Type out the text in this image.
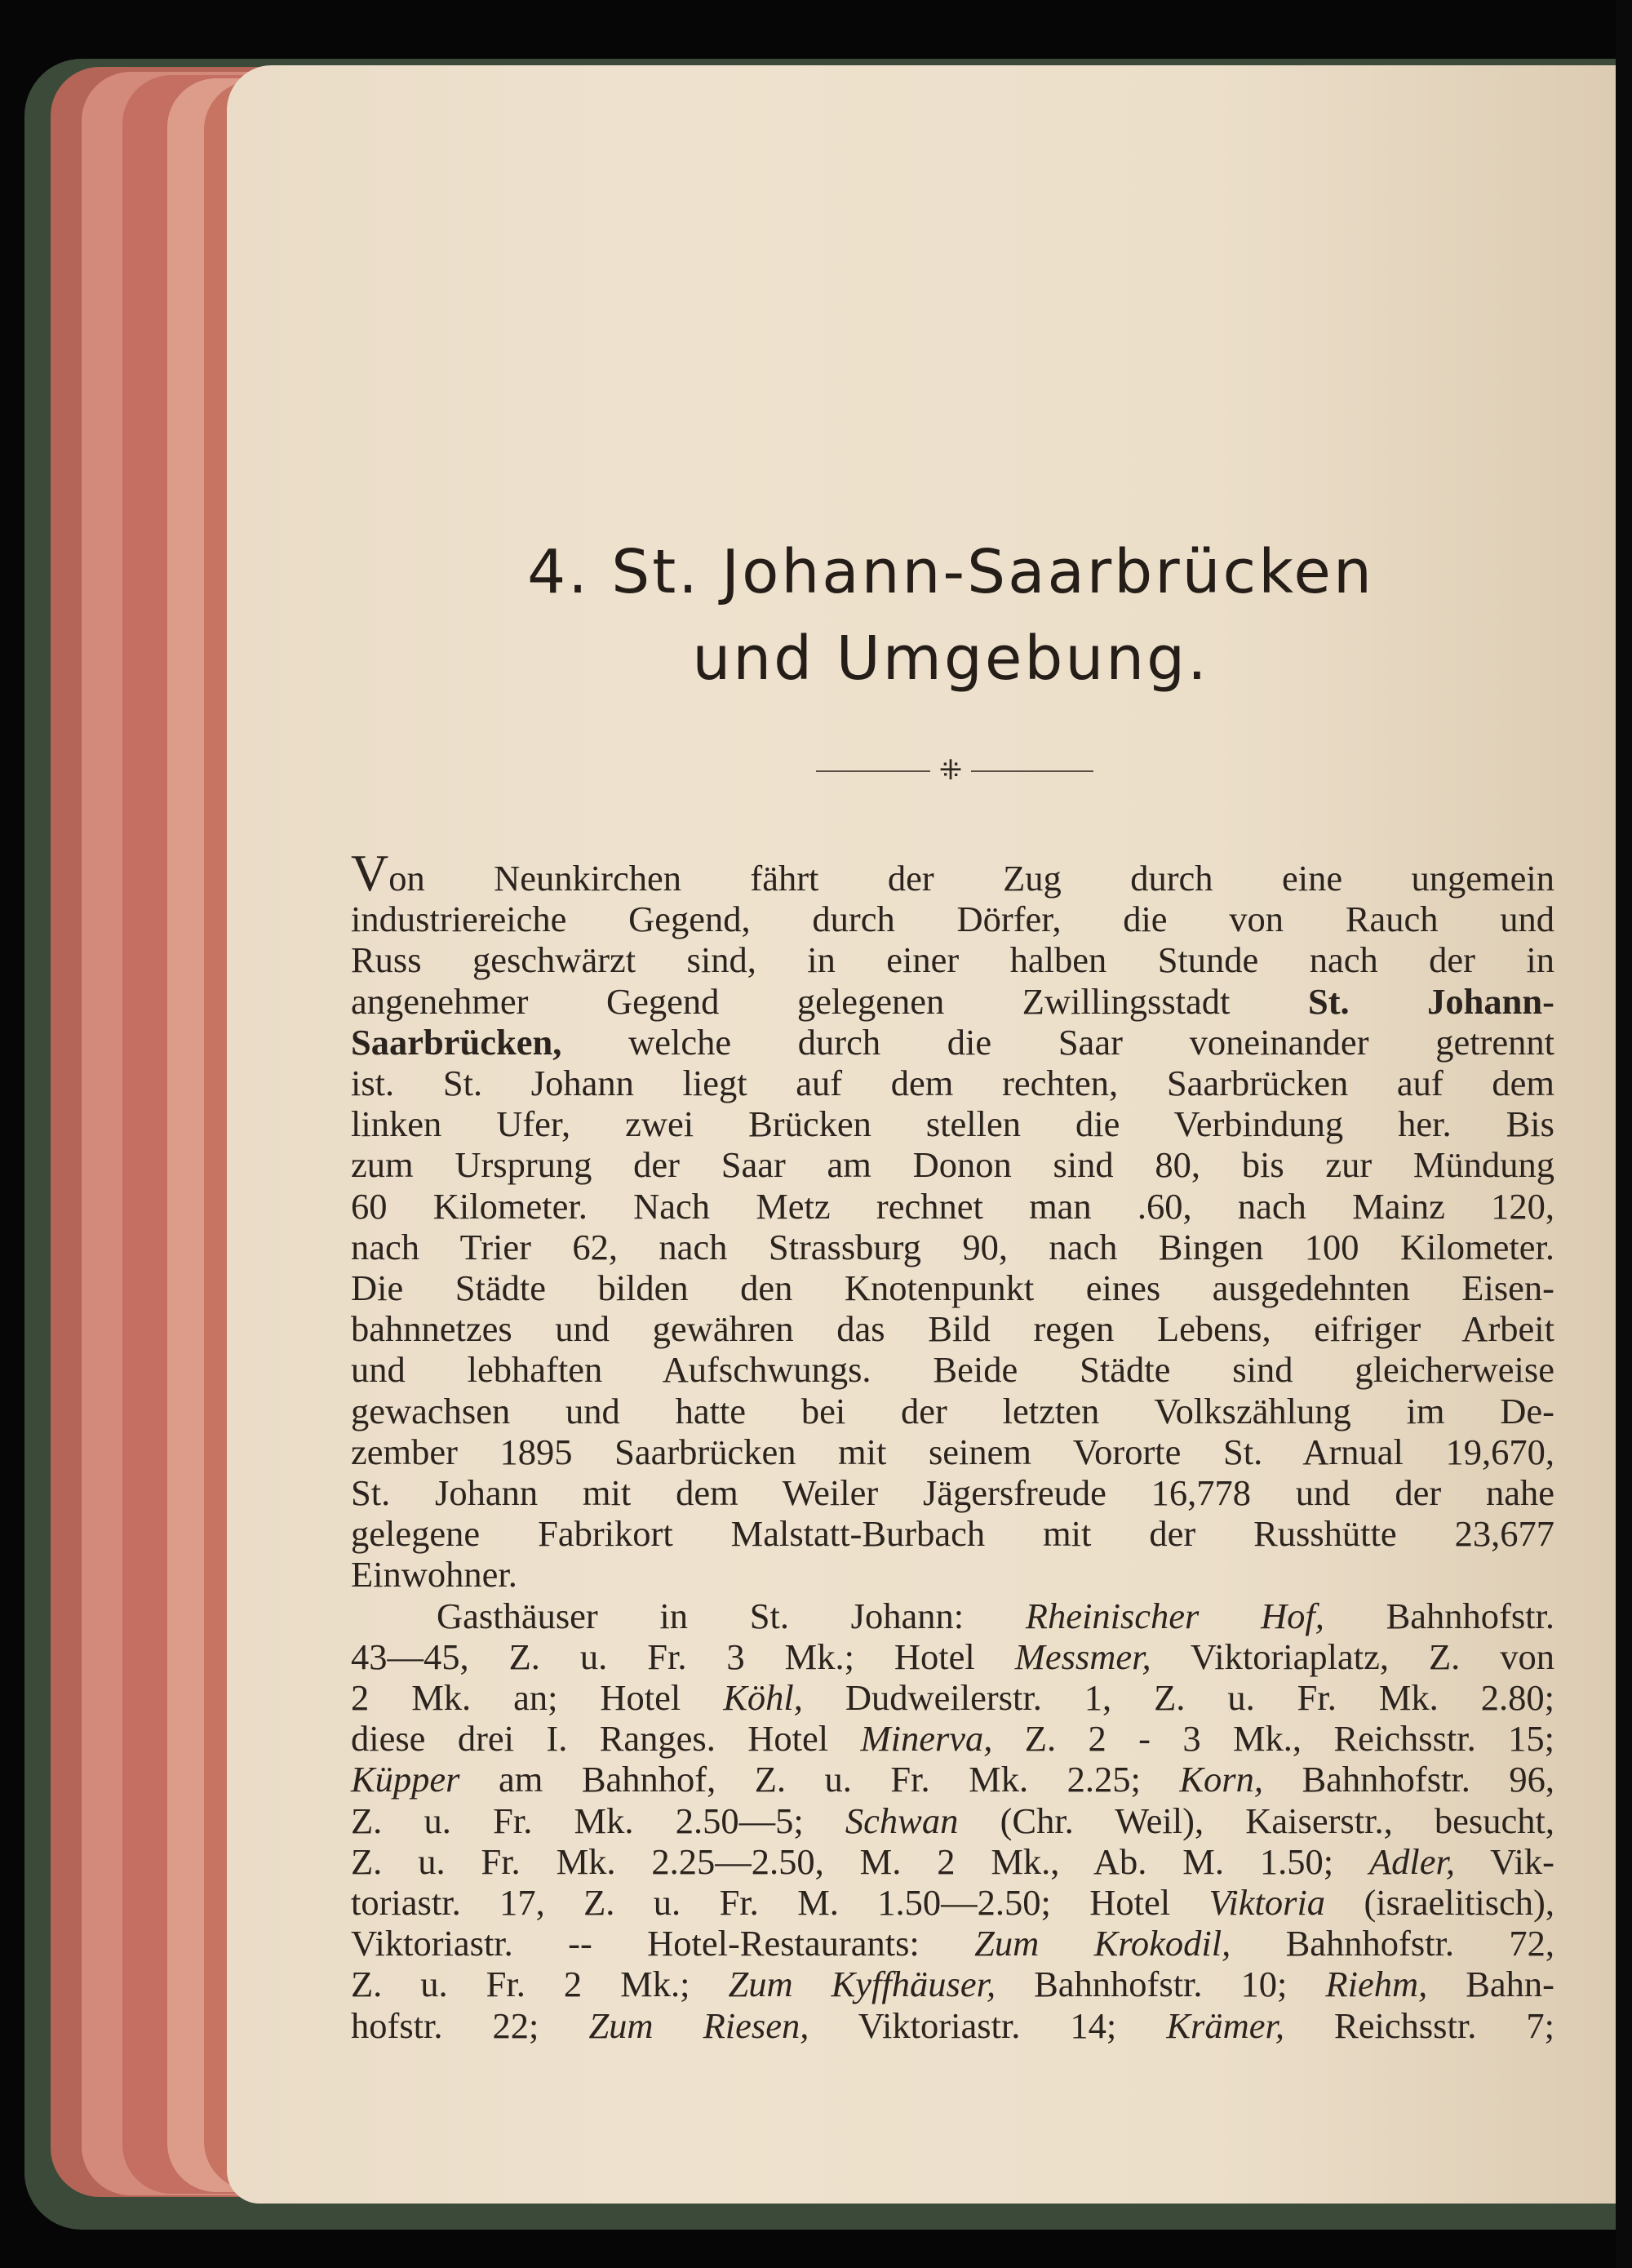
4. St. Johann-Saarbrücken
und Umgebung.
⁜
Von Neunkirchen fährt der Zug durch eine ungemein
industriereiche Gegend, durch Dörfer, die von Rauch und
Russ geschwärzt sind, in einer halben Stunde nach der in
angenehmer Gegend gelegenen Zwillingsstadt St. Johann-
Saarbrücken, welche durch die Saar voneinander getrennt
ist. St. Johann liegt auf dem rechten, Saarbrücken auf dem
linken Ufer, zwei Brücken stellen die Verbindung her. Bis
zum Ursprung der Saar am Donon sind 80, bis zur Mündung
60 Kilometer. Nach Metz rechnet man .60, nach Mainz 120,
nach Trier 62, nach Strassburg 90, nach Bingen 100 Kilometer.
Die Städte bilden den Knotenpunkt eines ausgedehnten Eisen-
bahnnetzes und gewähren das Bild regen Lebens, eifriger Arbeit
und lebhaften Aufschwungs. Beide Städte sind gleicherweise
gewachsen und hatte bei der letzten Volkszählung im De-
zember 1895 Saarbrücken mit seinem Vororte St. Arnual 19,670,
St. Johann mit dem Weiler Jägersfreude 16,778 und der nahe
gelegene Fabrikort Malstatt-Burbach mit der Russhütte 23,677
Einwohner.
Gasthäuser in St. Johann: Rheinischer Hof, Bahnhofstr.
43—45, Z. u. Fr. 3 Mk.; Hotel Messmer, Viktoriaplatz, Z. von
2 Mk. an; Hotel Köhl, Dudweilerstr. 1, Z. u. Fr. Mk. 2.80;
diese drei I. Ranges. Hotel Minerva, Z. 2 - 3 Mk., Reichsstr. 15;
Küpper am Bahnhof, Z. u. Fr. Mk. 2.25; Korn, Bahnhofstr. 96,
Z. u. Fr. Mk. 2.50—5; Schwan (Chr. Weil), Kaiserstr., besucht,
Z. u. Fr. Mk. 2.25—2.50, M. 2 Mk., Ab. M. 1.50; Adler, Vik-
toriastr. 17, Z. u. Fr. M. 1.50—2.50; Hotel Viktoria (israelitisch),
Viktoriastr. -- Hotel-Restaurants: Zum Krokodil, Bahnhofstr. 72,
Z. u. Fr. 2 Mk.; Zum Kyffhäuser, Bahnhofstr. 10; Riehm, Bahn-
hofstr. 22; Zum Riesen, Viktoriastr. 14; Krämer, Reichsstr. 7;
